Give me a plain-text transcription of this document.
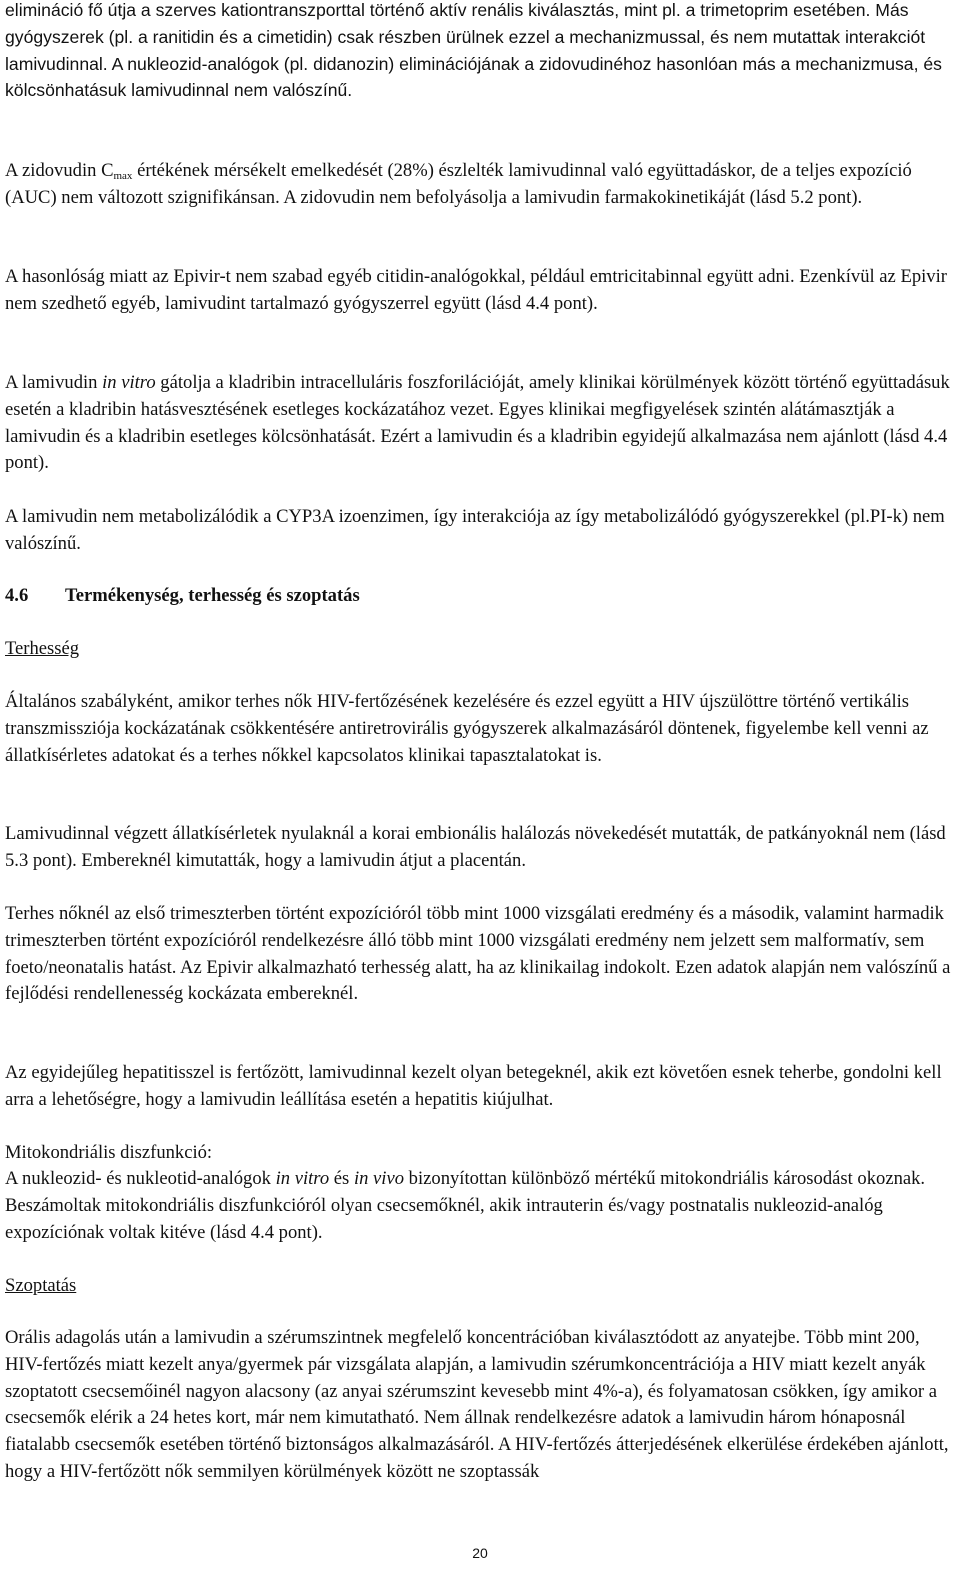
elimináció fő útja a szerves kationtranszporttal történő aktív renális kiválasztás, mint pl. a trimetoprim esetében. Más gyógyszerek (pl. a ranitidin és a cimetidin) csak részben ürülnek ezzel a mechanizmussal, és nem mutattak interakciót lamivudinnal. A nukleozid-analógok (pl. didanozin) eliminációjának a zidovudinéhoz hasonlóan más a mechanizmusa, és kölcsönhatásuk lamivudinnal nem valószínű.

A zidovudin $C_{max}$ értékének mérsékelt emelkedését (28%) észlelték lamivudinnal való együttadáskor, de a teljes expozíció (AUC) nem változott szignifikánsan. A zidovudin nem befolyásolja a lamivudin farmakokinetikáját (lásd 5.2 pont).

A hasonlóság miatt az Epivir-t nem szabad egyéb citidin-analógokkal, például emtricitabinnal együtt adni. Ezenkívül az Epivir nem szedhető egyéb, lamivudint tartalmazó gyógyszerrel együtt (lásd 4.4 pont).

A lamivudin in vitro gátolja a kladribin intracelluláris foszforilációját, amely klinikai körülmények között történő együttadásuk esetén a kladribin hatásvesztésének esetleges kockázatához vezet. Egyes klinikai megfigyelések szintén alátámasztják a lamivudin és a kladribin esetleges kölcsönhatását. Ezért a lamivudin és a kladribin egyidejű alkalmazása nem ajánlott (lásd 4.4 pont).

A lamivudin nem metabolizálódik a CYP3A izoenzimen, így interakciója az így metabolizálódó gyógyszerekkel (pl.PI-k) nem valószínű.

4.6 Termékenység, terhesség és szoptatás

Terhesség

Általános szabályként, amikor terhes nők HIV-fertőzésének kezelésére és ezzel együtt a HIV újszülöttre történő vertikális transzmissziója kockázatának csökkentésére antiretrovirális gyógyszerek alkalmazásáról döntenek, figyelembe kell venni az állatkísérletes adatokat és a terhes nőkkel kapcsolatos klinikai tapasztalatokat is.

Lamivudinnal végzett állatkísérletek nyulaknál a korai embionális halálozás növekedését mutatták, de patkányoknál nem (lásd 5.3 pont). Embereknél kimutatták, hogy a lamivudin átjut a placentán.

Terhes nőknél az első trimeszterben történt expozícióról több mint 1000 vizsgálati eredmény és a második, valamint harmadik trimeszterben történt expozícióról rendelkezésre álló több mint 1000 vizsgálati eredmény nem jelzett sem malformatív, sem foeto/neonatalis hatást. Az Epivir alkalmazható terhesség alatt, ha az klinikailag indokolt. Ezen adatok alapján nem valószínű a fejlődési rendellenesség kockázata embereknél.

Az egyidejűleg hepatitisszel is fertőzött, lamivudinnal kezelt olyan betegeknél, akik ezt követően esnek teherbe, gondolni kell arra a lehetőségre, hogy a lamivudin leállítása esetén a hepatitis kiújulhat.

Mitokondriális diszfunkció:

A nukleozid- és nukleotid-analógok in vitro és in vivo bizonyítottan különböző mértékű mitokondriális károsodást okoznak. Beszámoltak mitokondriális diszfunkcióról olyan csecsemőknél, akik intrauterin és/vagy postnatalis nukleozid-analóg expozíciónak voltak kitéve (lásd 4.4 pont).

Szoptatás

Orális adagolás után a lamivudin a szérumszintnek megfelelő koncentrációban kiválasztódott az anyatejbe. Több mint 200, HIV-fertőzés miatt kezelt anya/gyermek pár vizsgálata alapján, a lamivudin szérumkoncentrációja a HIV miatt kezelt anyák szoptatott csecsemőinél nagyon alacsony (az anyai szérumszint kevesebb mint 4%-a), és folyamatosan csökken, így amikor a csecsemők elérik a 24 hetes kort, már nem kimutatható. Nem állnak rendelkezésre adatok a lamivudin három hónaposnál fiatalabb csecsemők esetében történő biztonságos alkalmazásáról. A HIV-fertőzés átterjedésének elkerülése érdekében ajánlott, hogy a HIV-fertőzött nők semmilyen körülmények között ne szoptassák

20
